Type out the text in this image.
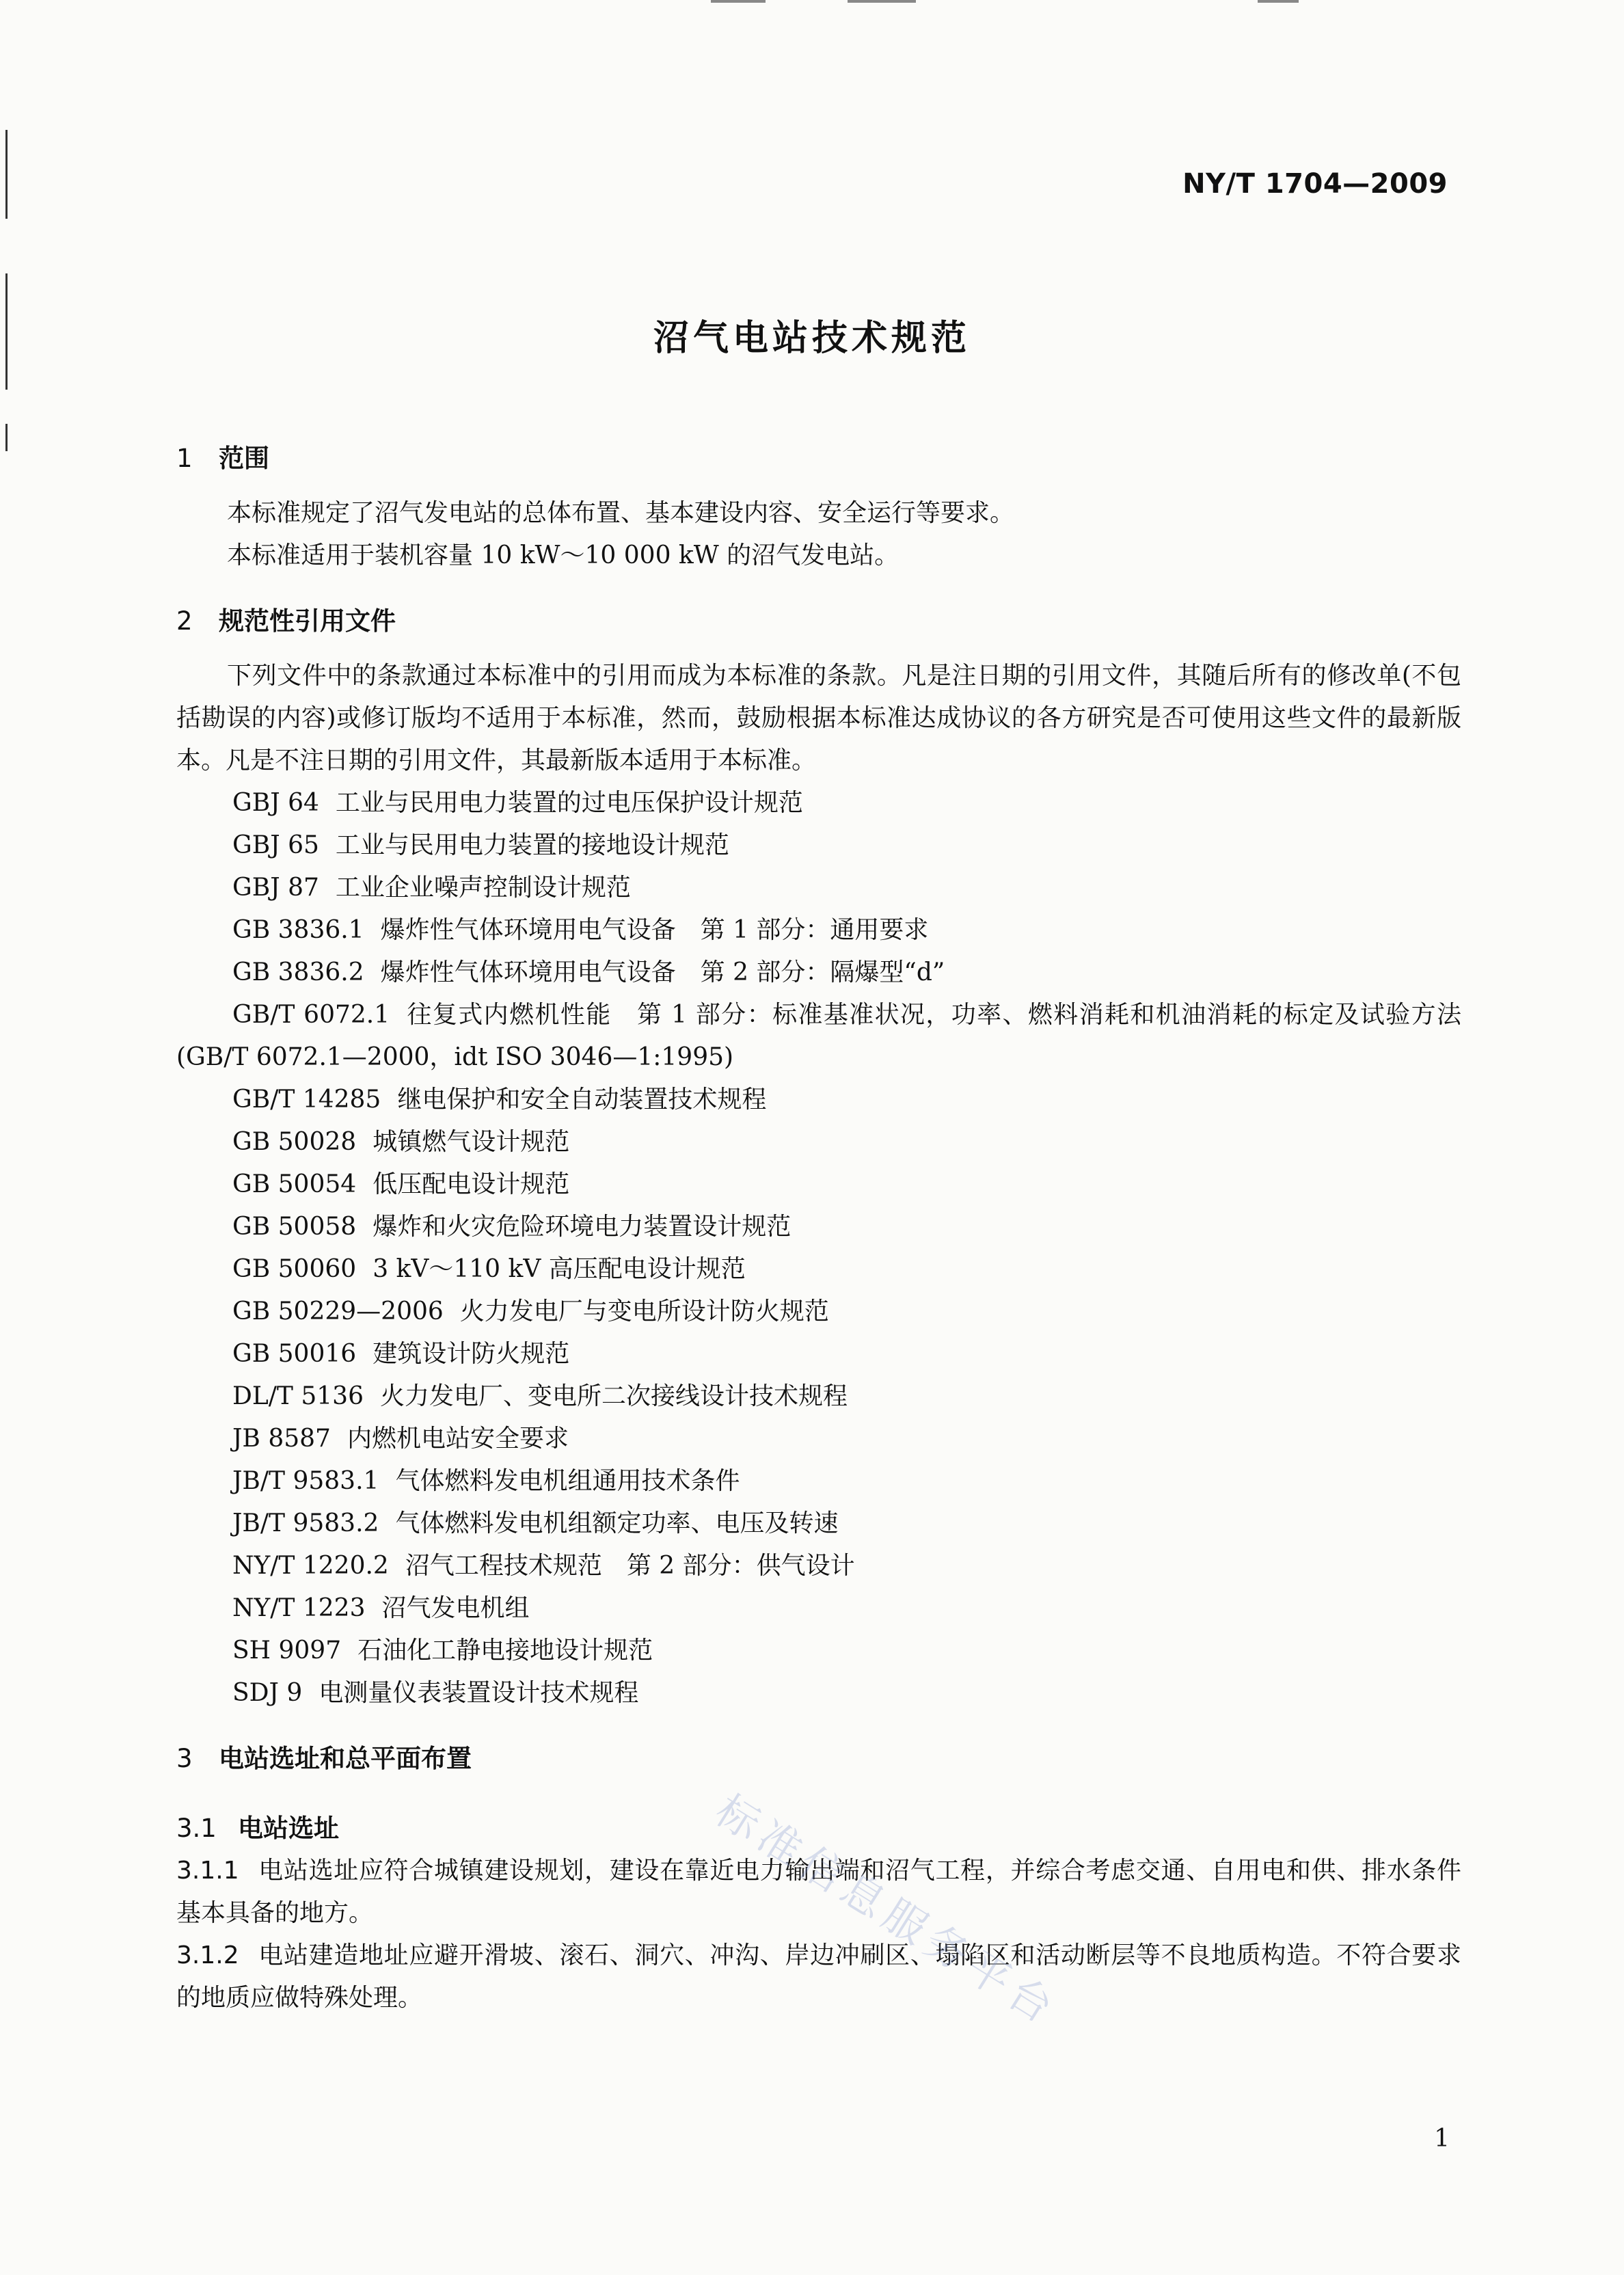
NY/T 1704—2009
沼气电站技术规范
1 范围

本标准规定了沼气发电站的总体布置、基本建设内容、安全运行等要求。

本标准适用于装机容量 10 kW～10 000 kW 的沼气发电站。

2 规范性引用文件

下列文件中的条款通过本标准中的引用而成为本标准的条款。凡是注日期的引用文件，其随后所有的修改单(不包括勘误的内容)或修订版均不适用于本标准，然而，鼓励根据本标准达成协议的各方研究是否可使用这些文件的最新版本。凡是不注日期的引用文件，其最新版本适用于本标准。

GBJ 64 工业与民用电力装置的过电压保护设计规范

GBJ 65 工业与民用电力装置的接地设计规范

GBJ 87 工业企业噪声控制设计规范

GB 3836.1 爆炸性气体环境用电气设备　第 1 部分：通用要求

GB 3836.2 爆炸性气体环境用电气设备　第 2 部分：隔爆型“d”

GB/T 6072.1 往复式内燃机性能　第 1 部分：标准基准状况，功率、燃料消耗和机油消耗的标定及试验方法(GB/T 6072.1—2000，idt ISO 3046—1:1995)

GB/T 14285 继电保护和安全自动装置技术规程

GB 50028 城镇燃气设计规范

GB 50054 低压配电设计规范

GB 50058 爆炸和火灾危险环境电力装置设计规范

GB 50060 3 kV～110 kV 高压配电设计规范

GB 50229—2006 火力发电厂与变电所设计防火规范

GB 50016 建筑设计防火规范

DL/T 5136 火力发电厂、变电所二次接线设计技术规程

JB 8587 内燃机电站安全要求

JB/T 9583.1 气体燃料发电机组通用技术条件

JB/T 9583.2 气体燃料发电机组额定功率、电压及转速

NY/T 1220.2 沼气工程技术规范　第 2 部分：供气设计

NY/T 1223 沼气发电机组

SH 9097 石油化工静电接地设计规范

SDJ 9 电测量仪表装置设计技术规程

3 电站选址和总平面布置
3.1 电站选址

3.1.1 电站选址应符合城镇建设规划，建设在靠近电力输出端和沼气工程，并综合考虑交通、自用电和供、排水条件基本具备的地方。

3.1.2 电站建造地址应避开滑坡、滚石、洞穴、冲沟、岸边冲刷区、塌陷区和活动断层等不良地质构造。不符合要求的地质应做特殊处理。	标准信息服务平台
1
